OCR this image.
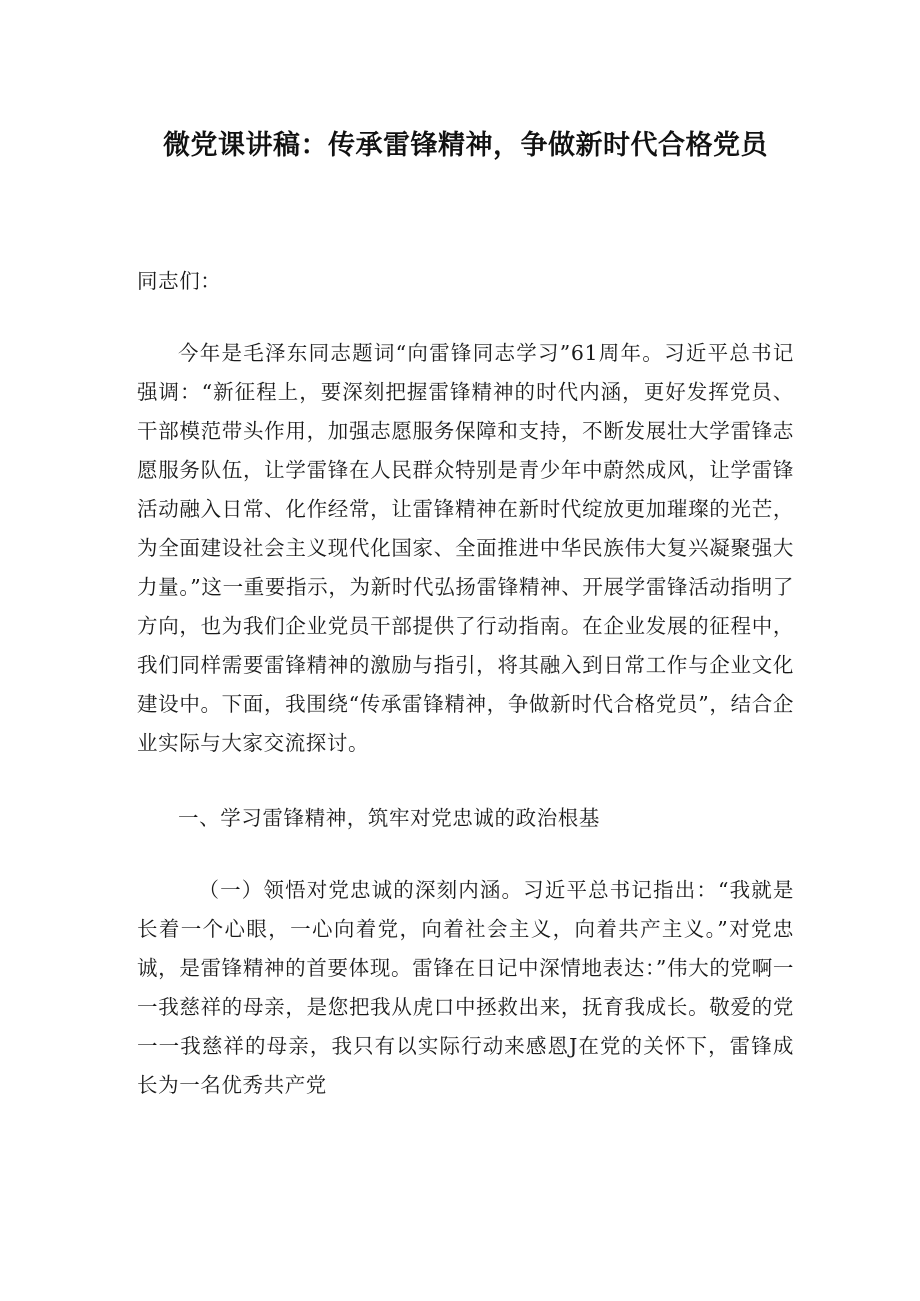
微党课讲稿：传承雷锋精神，争做新时代合格党员

同志们：

今年是毛泽东同志题词“向雷锋同志学习”61周年。习近平总书记强调：“新征程上，要深刻把握雷锋精神的时代内涵，更好发挥党员、干部模范带头作用，加强志愿服务保障和支持，不断发展壮大学雷锋志愿服务队伍，让学雷锋在人民群众特别是青少年中蔚然成风，让学雷锋活动融入日常、化作经常，让雷锋精神在新时代绽放更加璀璨的光芒，为全面建设社会主义现代化国家、全面推进中华民族伟大复兴凝聚强大力量。”这一重要指示，为新时代弘扬雷锋精神、开展学雷锋活动指明了方向，也为我们企业党员干部提供了行动指南。在企业发展的征程中，我们同样需要雷锋精神的激励与指引，将其融入到日常工作与企业文化建设中。下面，我围绕“传承雷锋精神，争做新时代合格党员”，结合企业实际与大家交流探讨。

一、学习雷锋精神，筑牢对党忠诚的政治根基

（一）领悟对党忠诚的深刻内涵。习近平总书记指出：“我就是长着一个心眼，一心向着党，向着社会主义，向着共产主义。”对党忠诚，是雷锋精神的首要体现。雷锋在日记中深情地表达：”伟大的党啊一一我慈祥的母亲，是您把我从虎口中拯救出来，抚育我成长。敬爱的党一一我慈祥的母亲，我只有以实际行动来感恩J在党的关怀下，雷锋成长为一名优秀共产党
